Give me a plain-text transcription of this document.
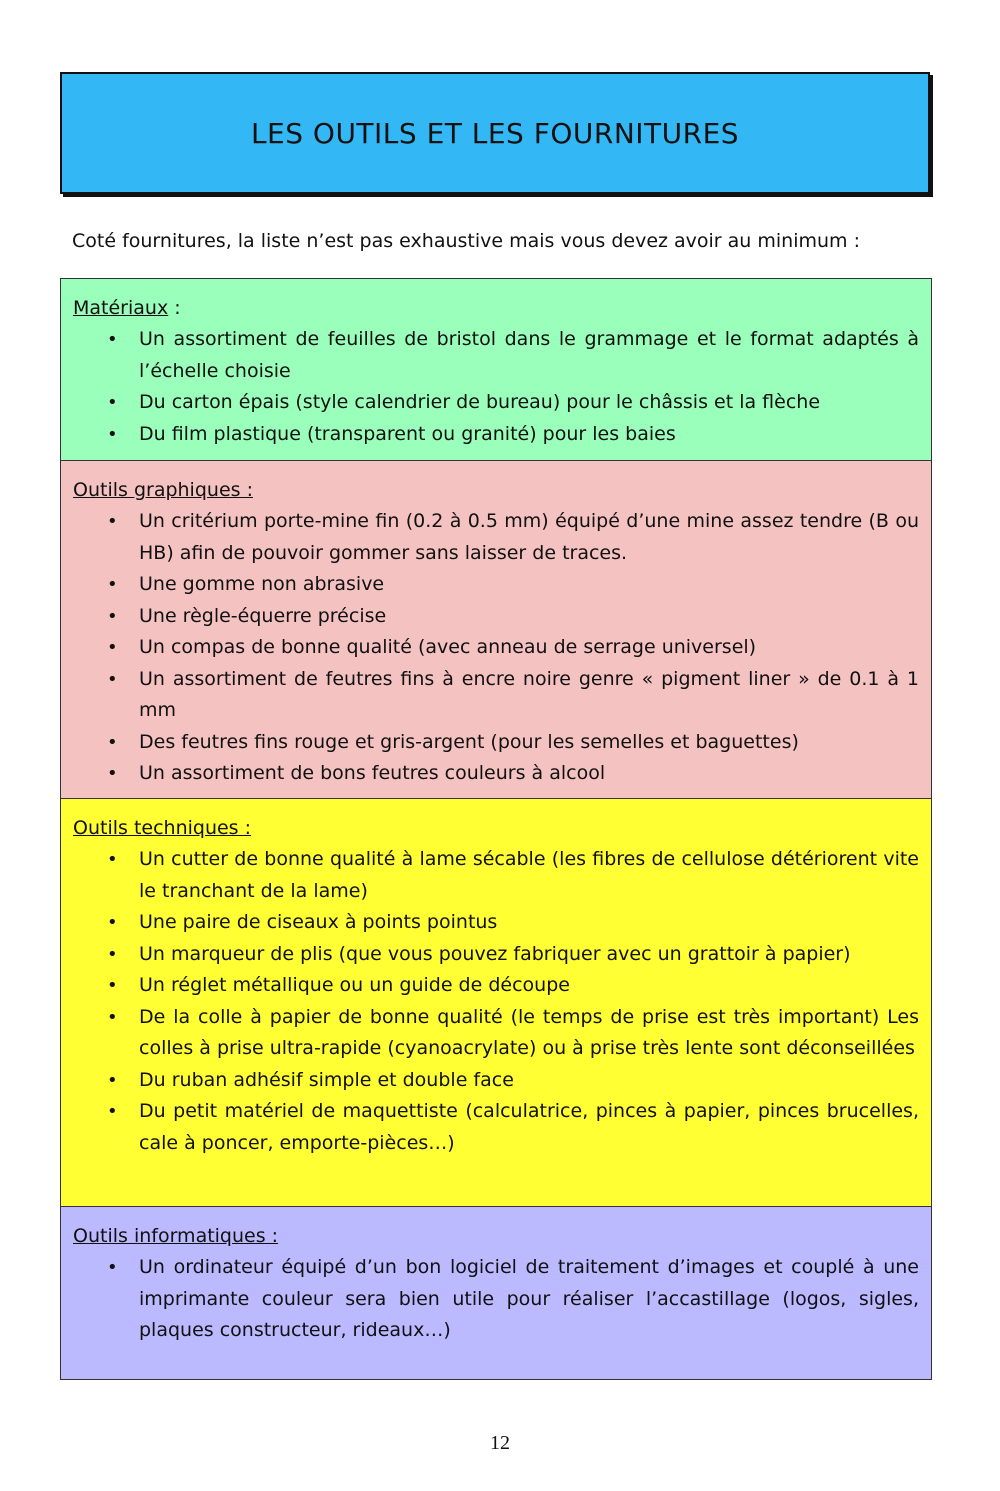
LES OUTILS ET LES FOURNITURES
Coté fournitures, la liste n’est pas exhaustive mais vous devez avoir au minimum :
Matériaux :
• Un assortiment de feuilles de bristol dans le grammage et le format adaptés à l’échelle choisie
• Du carton épais (style calendrier de bureau) pour le châssis et la flèche
• Du film plastique (transparent ou granité) pour les baies
Outils graphiques :
• Un critérium porte-mine fin (0.2 à 0.5 mm) équipé d’une mine assez tendre (B ou HB) afin de pouvoir gommer sans laisser de traces.
• Une gomme non abrasive
• Une règle-équerre précise
• Un compas de bonne qualité (avec anneau de serrage universel)
• Un assortiment de feutres fins à encre noire genre « pigment liner » de 0.1 à 1 mm
• Des feutres fins rouge et gris-argent (pour les semelles et baguettes)
• Un assortiment de bons feutres couleurs à alcool
Outils techniques :
• Un cutter de bonne qualité à lame sécable (les fibres de cellulose détériorent vite le tranchant de la lame)
• Une paire de ciseaux à points pointus
• Un marqueur de plis (que vous pouvez fabriquer avec un grattoir à papier)
• Un réglet métallique ou un guide de découpe
• De la colle à papier de bonne qualité (le temps de prise est très important) Les colles à prise ultra-rapide (cyanoacrylate) ou à prise très lente sont déconseillées
• Du ruban adhésif simple et double face
• Du petit matériel de maquettiste (calculatrice, pinces à papier, pinces brucelles, cale à poncer, emporte-pièces…)
Outils informatiques :
• Un ordinateur équipé d’un bon logiciel de traitement d’images et couplé à une imprimante couleur sera bien utile pour réaliser l’accastillage (logos, sigles, plaques constructeur, rideaux…)
12
